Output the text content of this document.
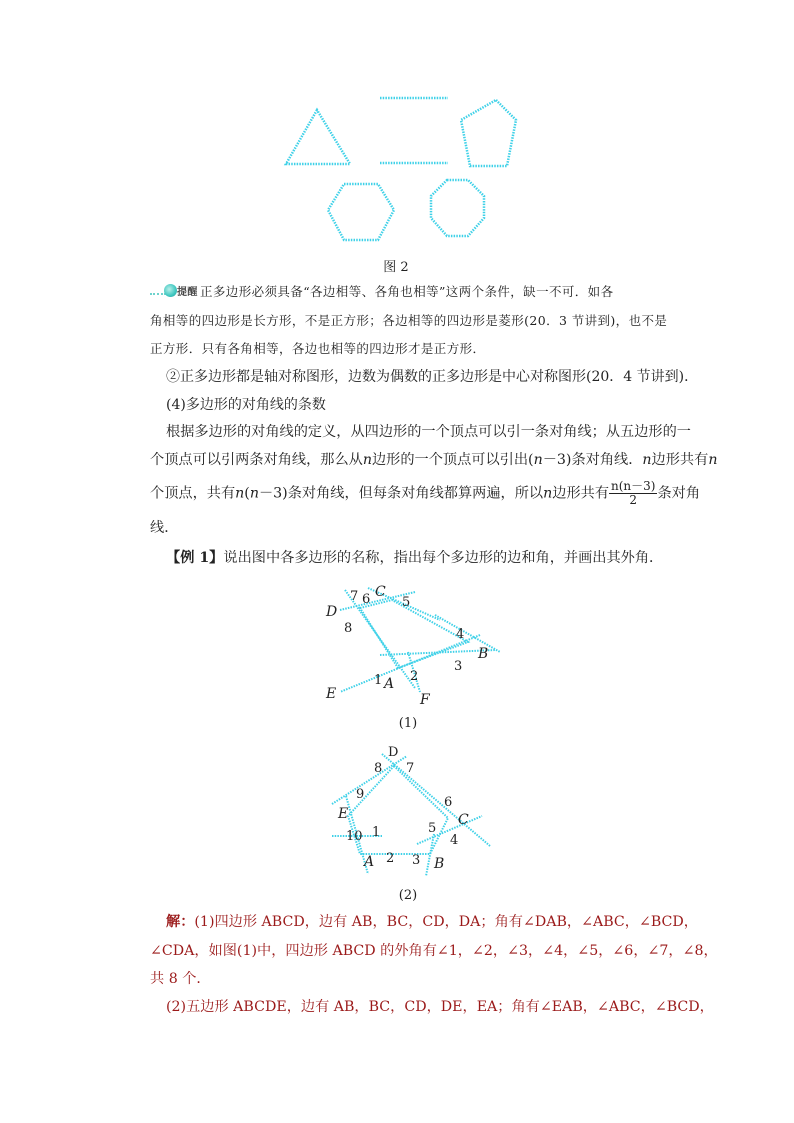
图 2
提醒 正多边形必须具备“各边相等、各角也相等”这两个条件，缺一不可．如各
角相等的四边形是长方形，不是正方形；各边相等的四边形是菱形(20．3 节讲到)，也不是
正方形．只有各角相等，各边也相等的四边形才是正方形．
②正多边形都是轴对称图形，边数为偶数的正多边形是中心对称图形(20．4 节讲到)．
(4)多边形的对角线的条数
根据多边形的对角线的定义，从四边形的一个顶点可以引一条对角线；从五边形的一
个顶点可以引两条对角线，那么从n边形的一个顶点可以引出(n－3)条对角线．n边形共有n
个顶点，共有n(n－3)条对角线，但每条对角线都算两遍，所以n边形共有 $\frac{n(n-3)}{2}$ 条对角
线．
【例 1】说出图中各多边形的名称，指出每个多边形的边和角，并画出其外角．
D
C
B
A
E	F
1 2
3
4
5
6
7
8
(1)
D
E	C
A	B
1
2 3
4
5
6
7
8
9
10
(2)
解：(1)四边形 ABCD，边有 AB，BC，CD，DA；角有∠DAB，∠ABC，∠BCD，
∠CDA，如图(1)中，四边形 ABCD 的外角有∠1，∠2，∠3，∠4，∠5，∠6，∠7，∠8，
共 8 个．
(2)五边形 ABCDE，边有 AB，BC，CD，DE，EA；角有∠EAB，∠ABC，∠BCD，
